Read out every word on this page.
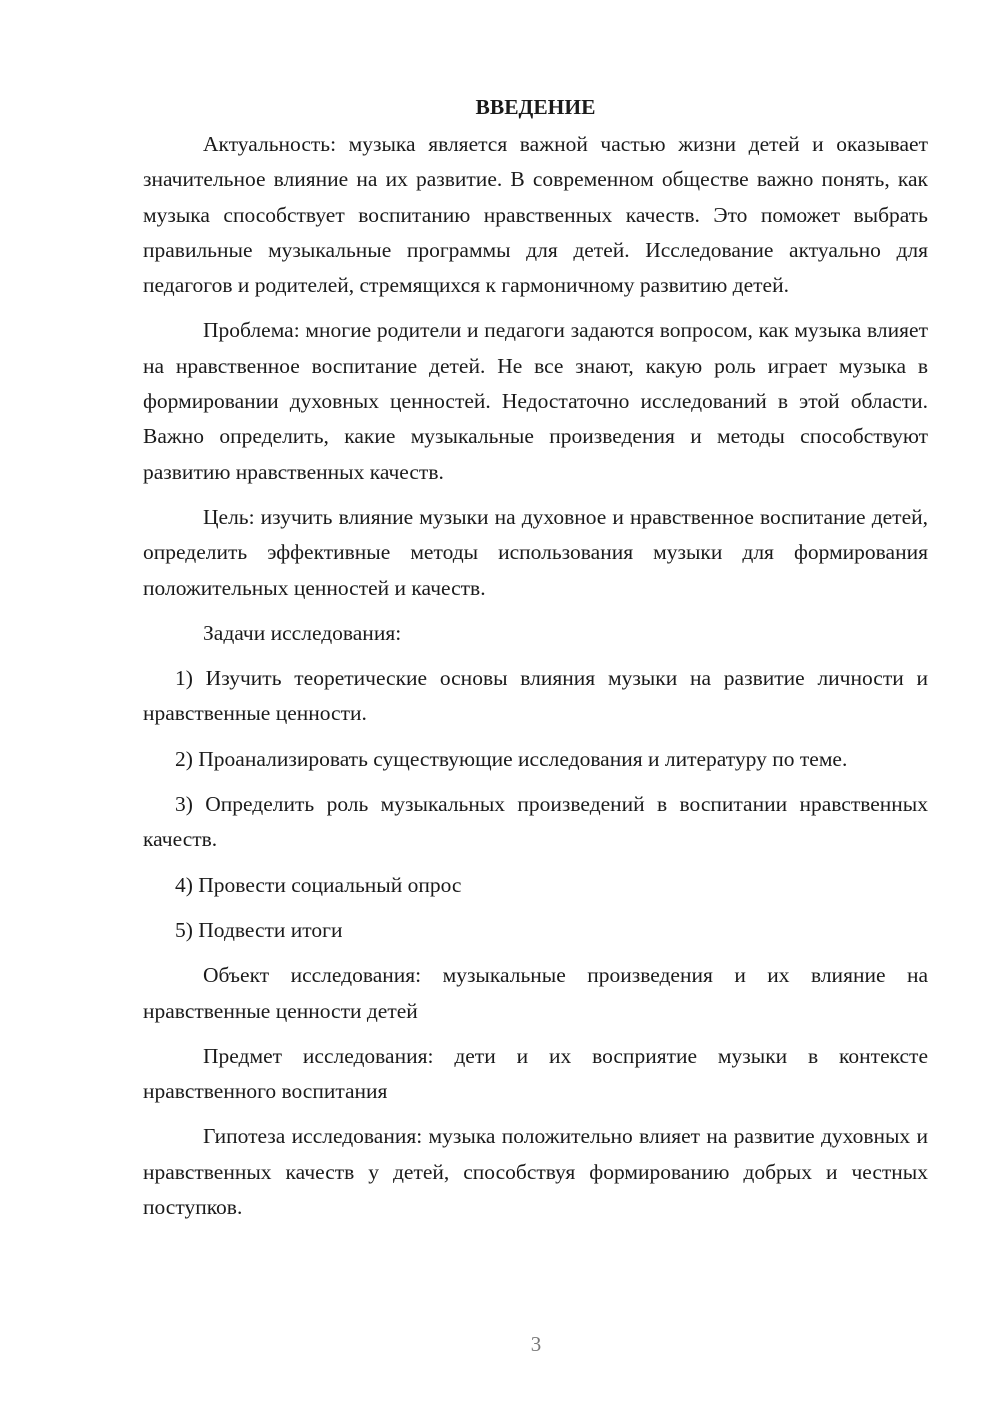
ВВЕДЕНИЕ

Актуальность: музыка является важной частью жизни детей и оказывает значительное влияние на их развитие. В современном обществе важно понять, как музыка способствует воспитанию нравственных качеств. Это поможет выбрать правильные музыкальные программы для детей. Исследование актуально для педагогов и родителей, стремящихся к гармоничному развитию детей.

Проблема: многие родители и педагоги задаются вопросом, как музыка влияет на нравственное воспитание детей. Не все знают, какую роль играет музыка в формировании духовных ценностей. Недостаточно исследований в этой области. Важно определить, какие музыкальные произведения и методы способствуют развитию нравственных качеств.

Цель: изучить влияние музыки на духовное и нравственное воспитание детей, определить эффективные методы использования музыки для формирования положительных ценностей и качеств.

Задачи исследования:

1) Изучить теоретические основы влияния музыки на развитие личности и нравственные ценности.

2) Проанализировать существующие исследования и литературу по теме.

3) Определить роль музыкальных произведений в воспитании нравственных качеств.

4) Провести социальный опрос

5) Подвести итоги

Объект исследования: музыкальные произведения и их влияние на нравственные ценности детей

Предмет исследования: дети и их восприятие музыки в контексте нравственного воспитания

Гипотеза исследования: музыка положительно влияет на развитие духовных и нравственных качеств у детей, способствуя формированию добрых и честных поступков.

3
